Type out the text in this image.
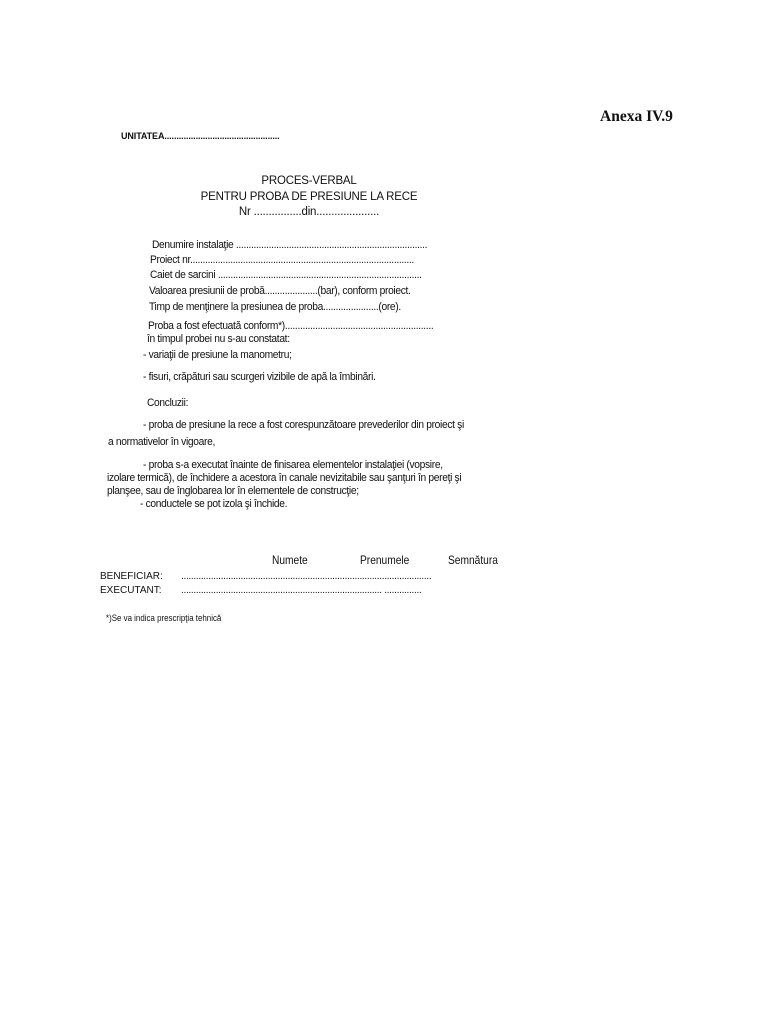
Anexa IV.9
UNITATEA................................................
PROCES-VERBAL
PENTRU PROBA DE PRESIUNE LA RECE
Nr ................din.....................
Denumire instalaţie ............................................................................
Proiect nr.........................................................................................
Caiet de sarcini .................................................................................
Valoarea presiunii de probă.....................(bar), conform proiect.
Timp de menţinere la presiunea de proba......................(ore).
Proba a fost efectuată conform*)...........................................................
în timpul probei nu s-au constatat:
- variaţii de presiune la manometru;
- fisuri, crăpături sau scurgeri vizibile de apă la îmbinări.
Concluzii:
- proba de presiune la rece a fost corespunzătoare prevederilor din proiect şi
a normativelor în vigoare,
- proba s-a executat înainte de finisarea elementelor instalaţiei (vopsire,
izolare termică), de închidere a acestora în canale nevizitabile sau şanţuri în pereţi şi
planşee, sau de înglobarea lor în elementele de construcţie;
- conductele se pot izola şi închide.
Numete	Prenumele	Semnătura
BENEFICIAR: .....................................................................................................
EXECUTANT: ................................................................................. ...............
*)Se va indica prescripţia tehnică
